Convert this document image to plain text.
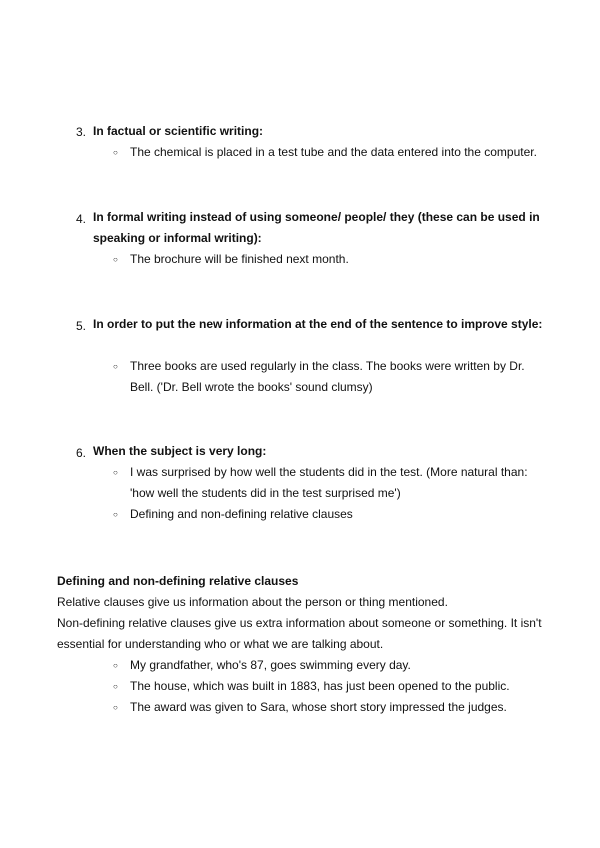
3. In factual or scientific writing:
○ The chemical is placed in a test tube and the data entered into the computer.
4. In formal writing instead of using someone/ people/ they (these can be used in speaking or informal writing):
○ The brochure will be finished next month.
5. In order to put the new information at the end of the sentence to improve style:
○ Three books are used regularly in the class. The books were written by Dr. Bell. ('Dr. Bell wrote the books' sound clumsy)
6. When the subject is very long:
○ I was surprised by how well the students did in the test. (More natural than: 'how well the students did in the test surprised me')
○ Defining and non-defining relative clauses
Defining and non-defining relative clauses
Relative clauses give us information about the person or thing mentioned.
Non-defining relative clauses give us extra information about someone or something. It isn't essential for understanding who or what we are talking about.
○ My grandfather, who's 87, goes swimming every day.
○ The house, which was built in 1883, has just been opened to the public.
○ The award was given to Sara, whose short story impressed the judges.
